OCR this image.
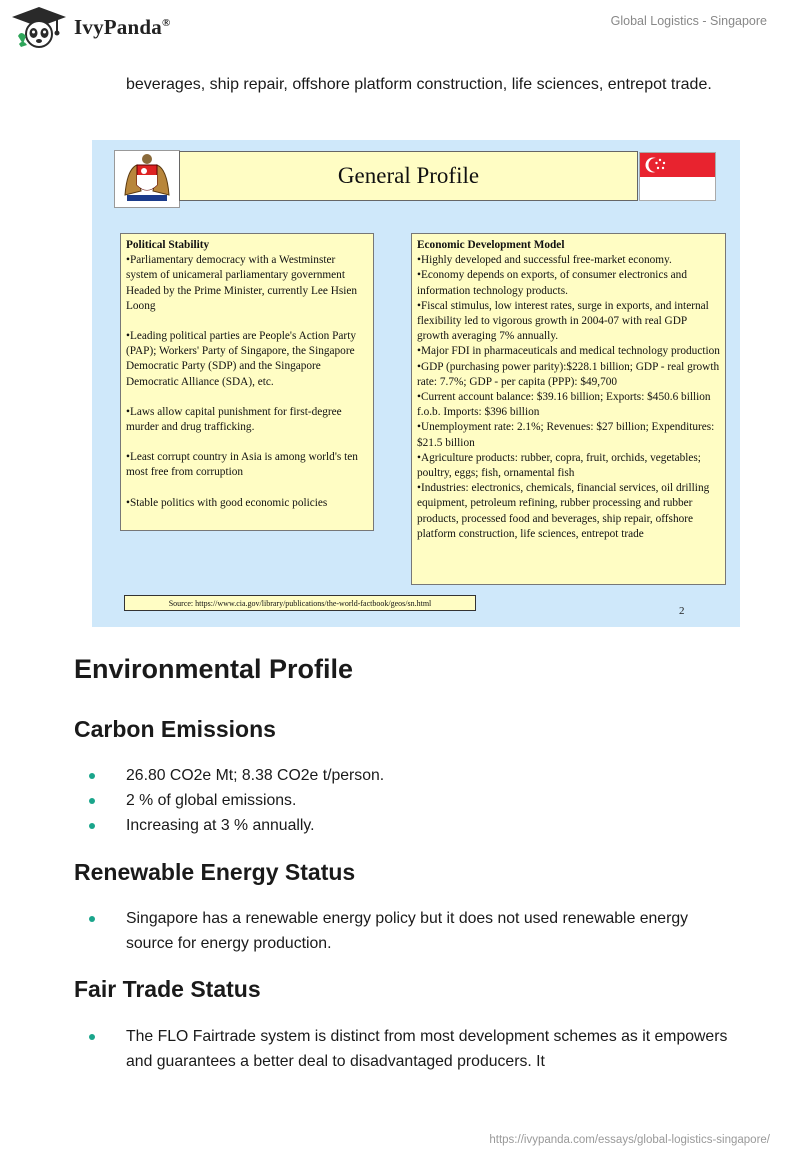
IvyPanda®	Global Logistics - Singapore

beverages, ship repair, offshore platform construction, life sciences, entrepot trade.

General Profile
Political Stability
•Parliamentary democracy with a Westminster system of unicameral parliamentary government Headed by the Prime Minister, currently Lee Hsien Loong
•Leading political parties are People's Action Party (PAP); Workers' Party of Singapore, the Singapore Democratic Party (SDP) and the Singapore Democratic Alliance (SDA), etc.
•Laws allow capital punishment for first-degree murder and drug trafficking.
•Least corrupt country in Asia is among world's ten most free from corruption
•Stable politics with good economic policies
Economic Development Model
•Highly developed and successful free-market economy.
•Economy depends on exports, of consumer electronics and information technology products.
•Fiscal stimulus, low interest rates, surge in exports, and internal flexibility led to vigorous growth in 2004-07 with real GDP growth averaging 7% annually.
•Major FDI in pharmaceuticals and medical technology production
•GDP (purchasing power parity):$228.1 billion; GDP - real growth rate: 7.7%; GDP - per capita (PPP): $49,700
•Current account balance: $39.16 billion; Exports: $450.6 billion f.o.b. Imports: $396 billion
•Unemployment rate: 2.1%; Revenues: $27 billion; Expenditures: $21.5 billion
•Agriculture products: rubber, copra, fruit, orchids, vegetables; poultry, eggs; fish, ornamental fish
•Industries: electronics, chemicals, financial services, oil drilling equipment, petroleum refining, rubber processing and rubber products, processed food and beverages, ship repair, offshore platform construction, life sciences, entrepot trade
Source: https://www.cia.gov/library/publications/the-world-factbook/geos/sn.html
2
Environmental Profile
Carbon Emissions
26.80 CO2e Mt; 8.38 CO2e t/person.
2 % of global emissions.
Increasing at 3 % annually.
Renewable Energy Status
Singapore has a renewable energy policy but it does not used renewable energy source for energy production.
Fair Trade Status
The FLO Fairtrade system is distinct from most development schemes as it empowers and guarantees a better deal to disadvantaged producers. It
https://ivypanda.com/essays/global-logistics-singapore/
